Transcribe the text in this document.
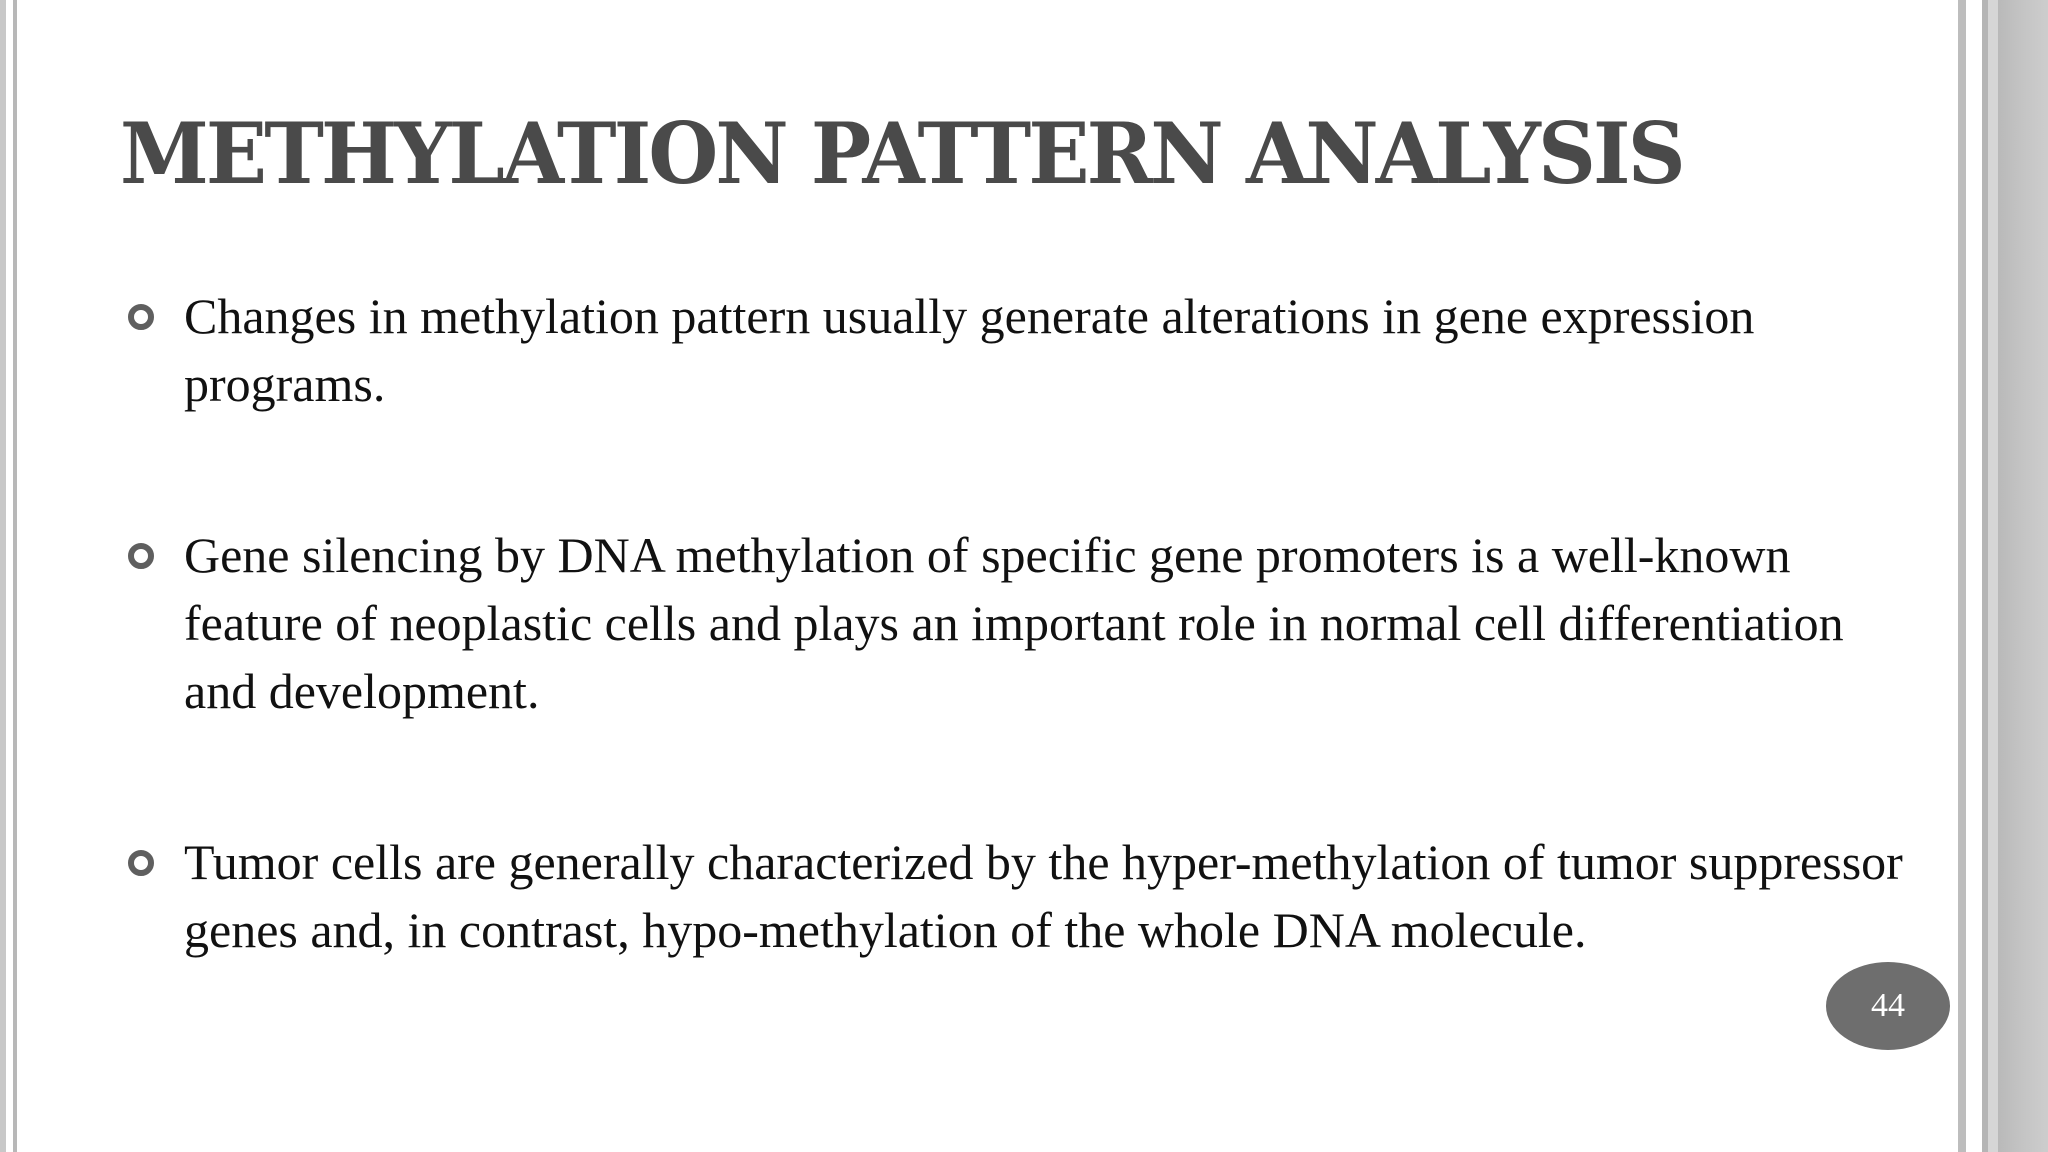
METHYLATION PATTERN ANALYSIS
Changes in methylation pattern usually generate alterations in gene expression programs.
Gene silencing by DNA methylation of specific gene promoters is a well-known feature of neoplastic cells and plays an important role in normal cell differentiation and development.
Tumor cells are generally characterized by the hyper-methylation of tumor suppressor genes and, in contrast, hypo-methylation of the whole DNA molecule.
44
